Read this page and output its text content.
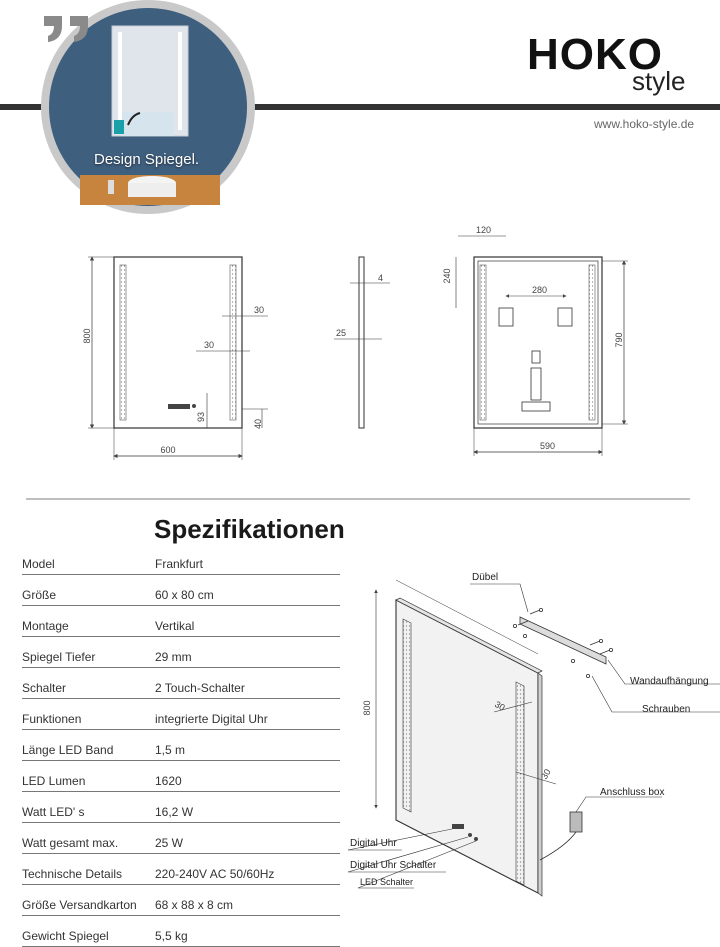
800
600
30
30
93
40
4
25
120
240
280
790
590
800	30
30
Dübel
Wandaufhängung
Schrauben
Anschluss box
Digital Uhr
Digital Uhr Schalter
LED Schalter
Design Spiegel.
HOKO
style
www.hoko-style.de
Spezifikationen
Model	Frankfurt
Größe	60 x 80 cm
Montage	Vertikal
Spiegel Tiefer	29 mm
Schalter	2 Touch-Schalter
Funktionen	integrierte Digital Uhr
Länge LED Band	1,5 m
LED Lumen	1620
Watt LED' s	16,2 W
Watt gesamt max.	25 W
Technische Details	220-240V AC 50/60Hz
Größe Versandkarton 68 x 88 x 8 cm
Gewicht Spiegel	5,5 kg
